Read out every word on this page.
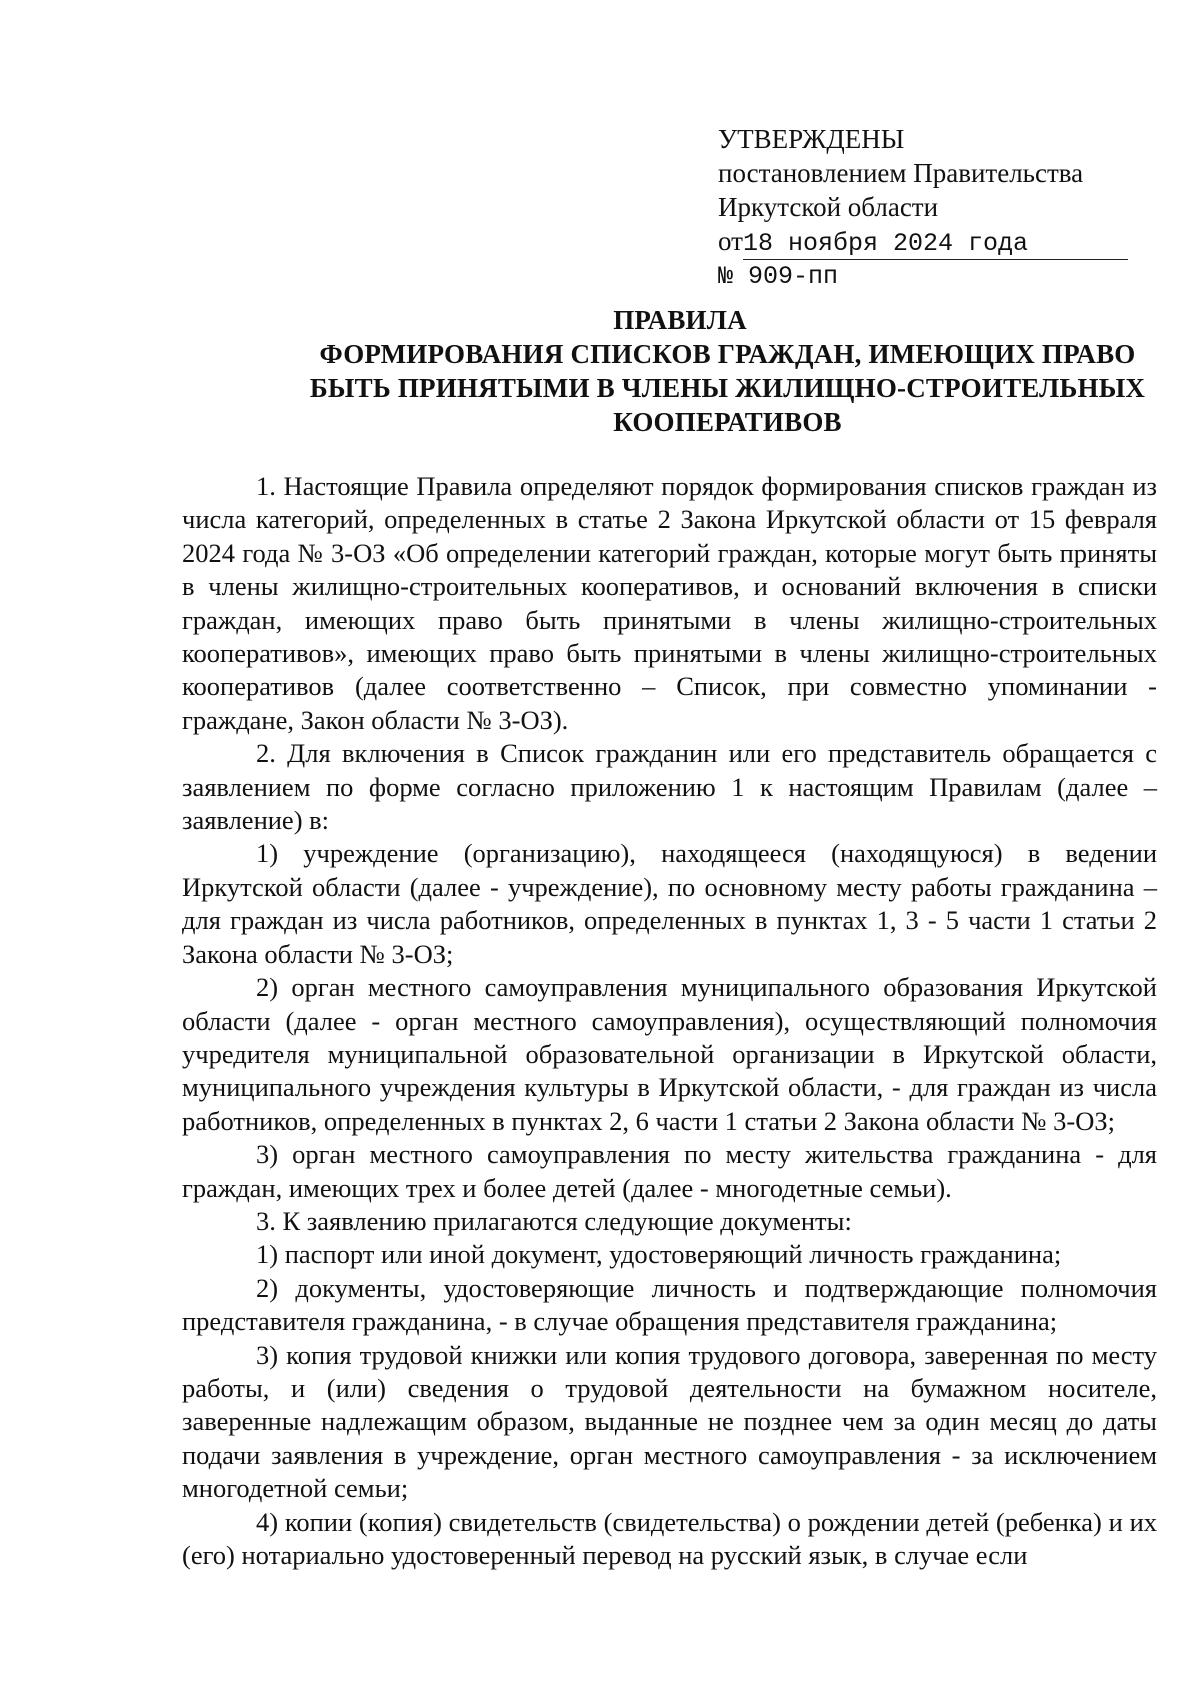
УТВЕРЖДЕНЫ
постановлением Правительства
Иркутской области
от18 ноября 2024 года
№ 909-пп
ПРАВИЛА
ФОРМИРОВАНИЯ СПИСКОВ ГРАЖДАН, ИМЕЮЩИХ ПРАВО
БЫТЬ ПРИНЯТЫМИ В ЧЛЕНЫ ЖИЛИЩНО-СТРОИТЕЛЬНЫХ
КООПЕРАТИВОВ

1. Настоящие Правила определяют порядок формирования списков граждан из числа категорий, определенных в статье 2 Закона Иркутской области от 15 февраля 2024 года № 3-ОЗ «Об определении категорий граждан, которые могут быть приняты в члены жилищно-строительных кооперативов, и оснований включения в списки граждан, имеющих право быть принятыми в члены жилищно-строительных кооперативов», имеющих право быть принятыми в члены жилищно-строительных кооперативов (далее соответственно – Список, при совместно упоминании - граждане, Закон области № 3-ОЗ).

2. Для включения в Список гражданин или его представитель обращается с заявлением по форме согласно приложению 1 к настоящим Правилам (далее – заявление) в:

1) учреждение (организацию), находящееся (находящуюся) в ведении Иркутской области (далее - учреждение), по основному месту работы гражданина – для граждан из числа работников, определенных в пунктах 1, 3 - 5 части 1 статьи 2 Закона области № 3-ОЗ;

2) орган местного самоуправления муниципального образования Иркутской области (далее - орган местного самоуправления), осуществляющий полномочия учредителя муниципальной образовательной организации в Иркутской области, муниципального учреждения культуры в Иркутской области, - для граждан из числа работников, определенных в пунктах 2, 6 части 1 статьи 2 Закона области № 3-ОЗ;

3) орган местного самоуправления по месту жительства гражданина - для граждан, имеющих трех и более детей (далее - многодетные семьи).

3. К заявлению прилагаются следующие документы:

1) паспорт или иной документ, удостоверяющий личность гражданина;

2) документы, удостоверяющие личность и подтверждающие полномочия представителя гражданина, - в случае обращения представителя гражданина;

3) копия трудовой книжки или копия трудового договора, заверенная по месту работы, и (или) сведения о трудовой деятельности на бумажном носителе, заверенные надлежащим образом, выданные не позднее чем за один месяц до даты подачи заявления в учреждение, орган местного самоуправления - за исключением многодетной семьи;

4) копии (копия) свидетельств (свидетельства) о рождении детей (ребенка) и их (его) нотариально удостоверенный перевод на русский язык, в случае если
